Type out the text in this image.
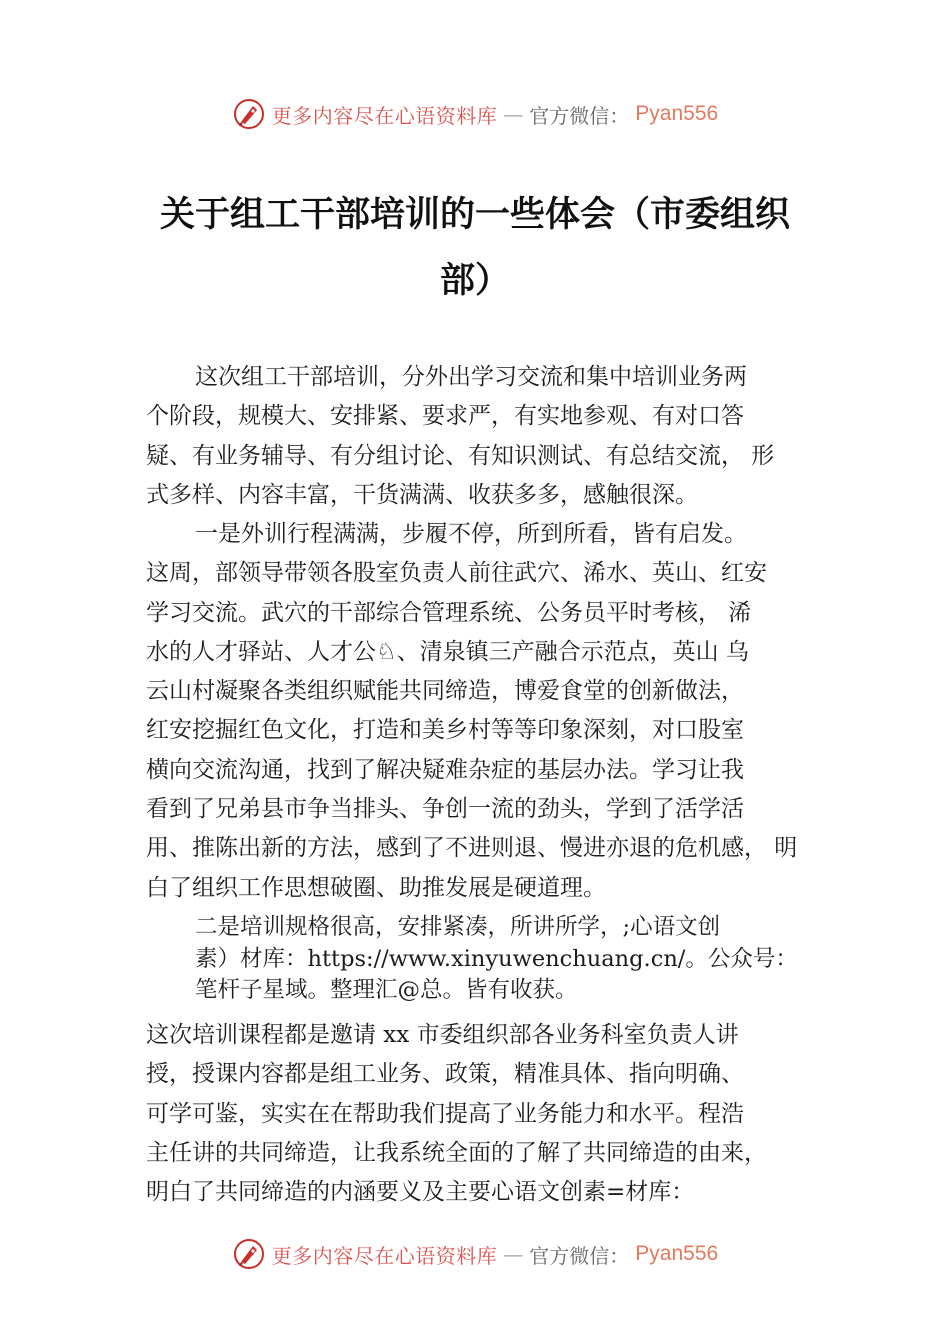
更多内容尽在心语资料库 — 官方微信： Pyan556
关于组工干部培训的一些体会（市委组织
部）

这次组工干部培训，分外出学习交流和集中培训业务两
个阶段，规模大、安排紧、要求严，有实地参观、有对口答
疑、有业务辅导、有分组讨论、有知识测试、有总结交流， 形
式多样、内容丰富，干货满满、收获多多，感触很深。

一是外训行程满满，步履不停，所到所看，皆有启发。
这周，部领导带领各股室负责人前往武穴、浠水、英山、红安
学习交流。武穴的干部综合管理系统、公务员平时考核， 浠
水的人才驿站、人才公♘、清泉镇三产融合示范点，英山 乌
云山村凝聚各类组织赋能共同缔造，博爱食堂的创新做法，
红安挖掘红色文化，打造和美乡村等等印象深刻，对口股室
横向交流沟通，找到了解决疑难杂症的基层办法。学习让我
看到了兄弟县市争当排头、争创一流的劲头，学到了活学活
用、推陈出新的方法，感到了不进则退、慢进亦退的危机感， 明
白了组织工作思想破圈、助推发展是硬道理。

二是培训规格很高，安排紧凑，所讲所学，;心语文创
素）材库：https://www.xinyuwenchuang.cn/。公众号：
笔杆子星域。整理汇@总。皆有收获。

这次培训课程都是邀请 xx 市委组织部各业务科室负责人讲
授，授课内容都是组工业务、政策，精准具体、指向明确、
可学可鉴，实实在在帮助我们提高了业务能力和水平。程浩
主任讲的共同缔造，让我系统全面的了解了共同缔造的由来，
明白了共同缔造的内涵要义及主要心语文创素=材库：

更多内容尽在心语资料库 — 官方微信： Pyan556
